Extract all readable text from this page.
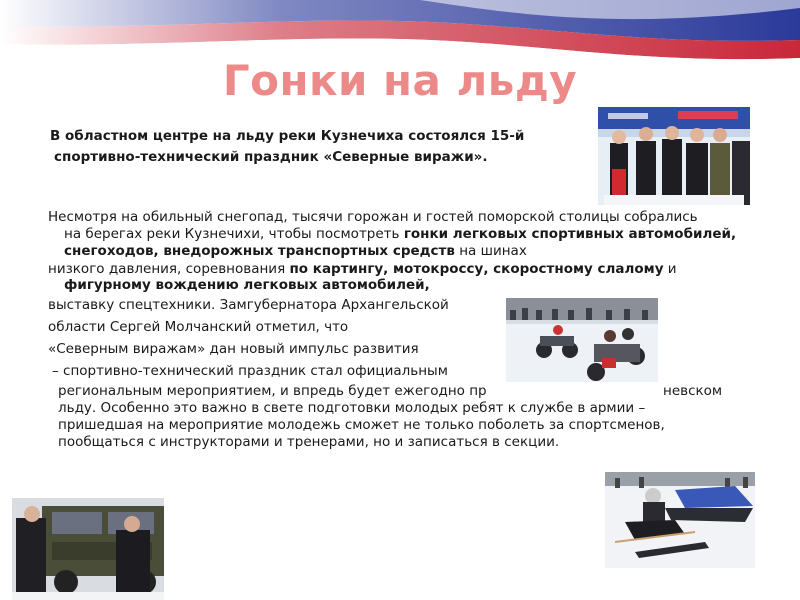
Гонки на льду
В областном центре на льду реки Кузнечиха состоялся 15-й
спортивно-технический праздник «Северные виражи».
Несмотря на обильный снегопад, тысячи горожан и гостей поморской столицы собрались
на берегах реки Кузнечихи, чтобы посмотреть гонки легковых спортивных автомобилей,
снегоходов, внедорожных транспортных средств на шинах
низкого давления, соревнования по картингу, мотокроссу, скоростному слалому и
фигурному вождению легковых автомобилей,
выставку спецтехники. Замгубернатора Архангельской
области Сергей Молчанский отметил, что
«Северным виражам» дан новый импульс развития
– спортивно-технический праздник стал официальным
региональным мероприятием, и впредь будет ежегодно пр	невском
льду. Особенно это важно в свете подготовки молодых ребят к службе в армии –
пришедшая на мероприятие молодежь сможет не только поболеть за спортсменов,
пообщаться с инструкторами и тренерами, но и записаться в секции.
